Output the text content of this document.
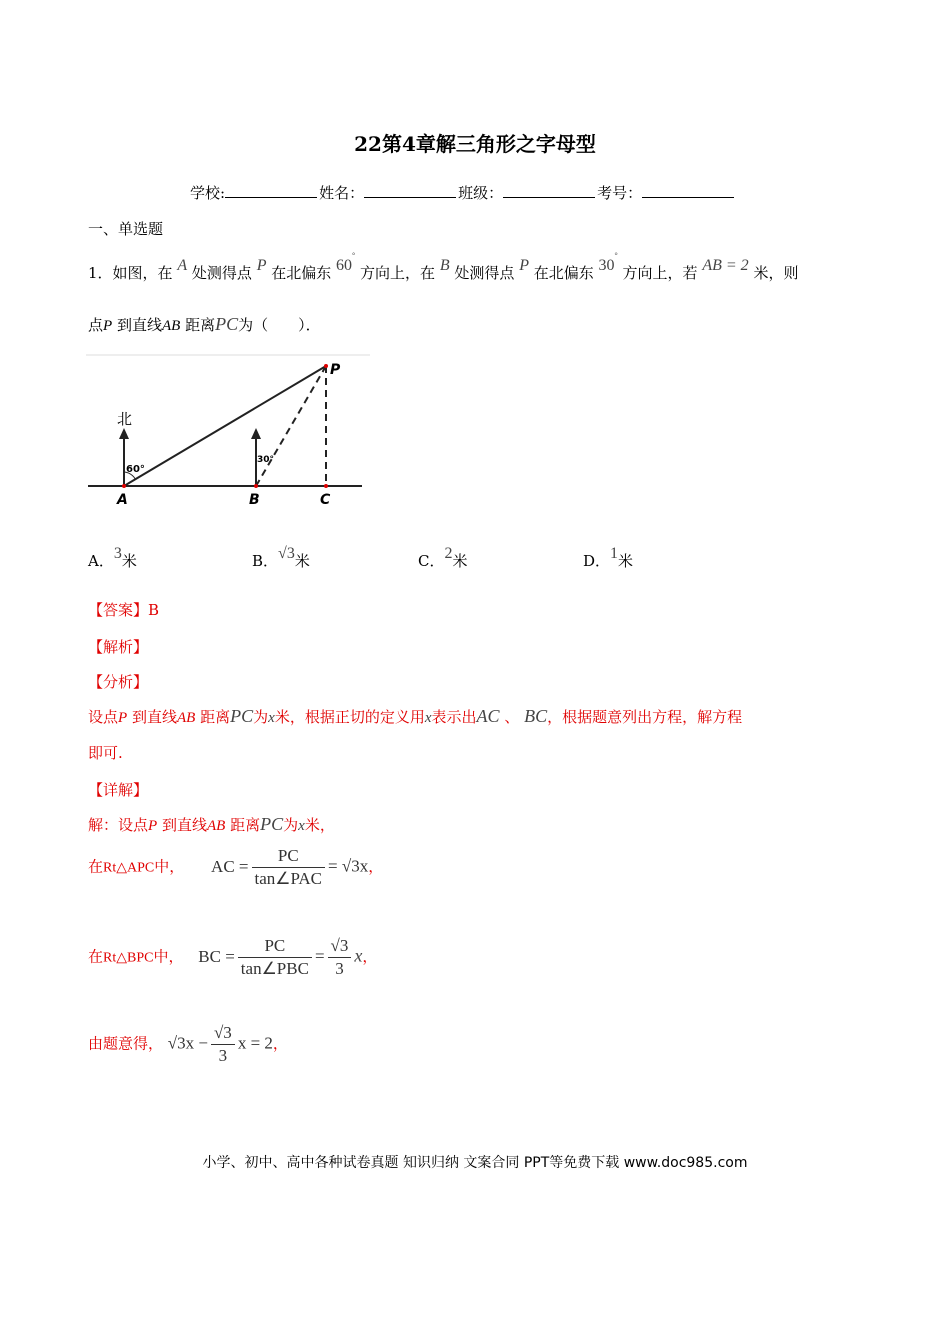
22第4章解三角形之字母型
学校:	姓名：	班级：	考号：
一、单选题
1．如图，在 A 处测得点 P 在北偏东 60° 方向上，在 B 处测得点 P 在北偏东 30° 方向上，若 AB = 2 米，则
点P 到直线AB 距离PC为（　　）．
北
60°
30°
A	B	C
P
A．3米	B．√3米	C．2米	D．1米
【答案】B
【解析】
【分析】
设点P 到直线AB 距离PC为x米，根据正切的定义用x表示出AC 、 BC，根据题意列出方程，解方程
即可.
【详解】
解：设点P 到直线AB 距离PC为x米，
在Rt△APC中， AC = $\frac{PC}{\text{tan∠PAC}} = √3x$，
在Rt△BPC中， BC = $\frac{PC}{\text{tan∠PBC}} = \frac{√3}{3}$ x，
由题意得， $√3x - \frac{√3}{3}$ x = 2，
小学、初中、高中各种试卷真题 知识归纳 文案合同 PPT等免费下载 www.doc985.com
